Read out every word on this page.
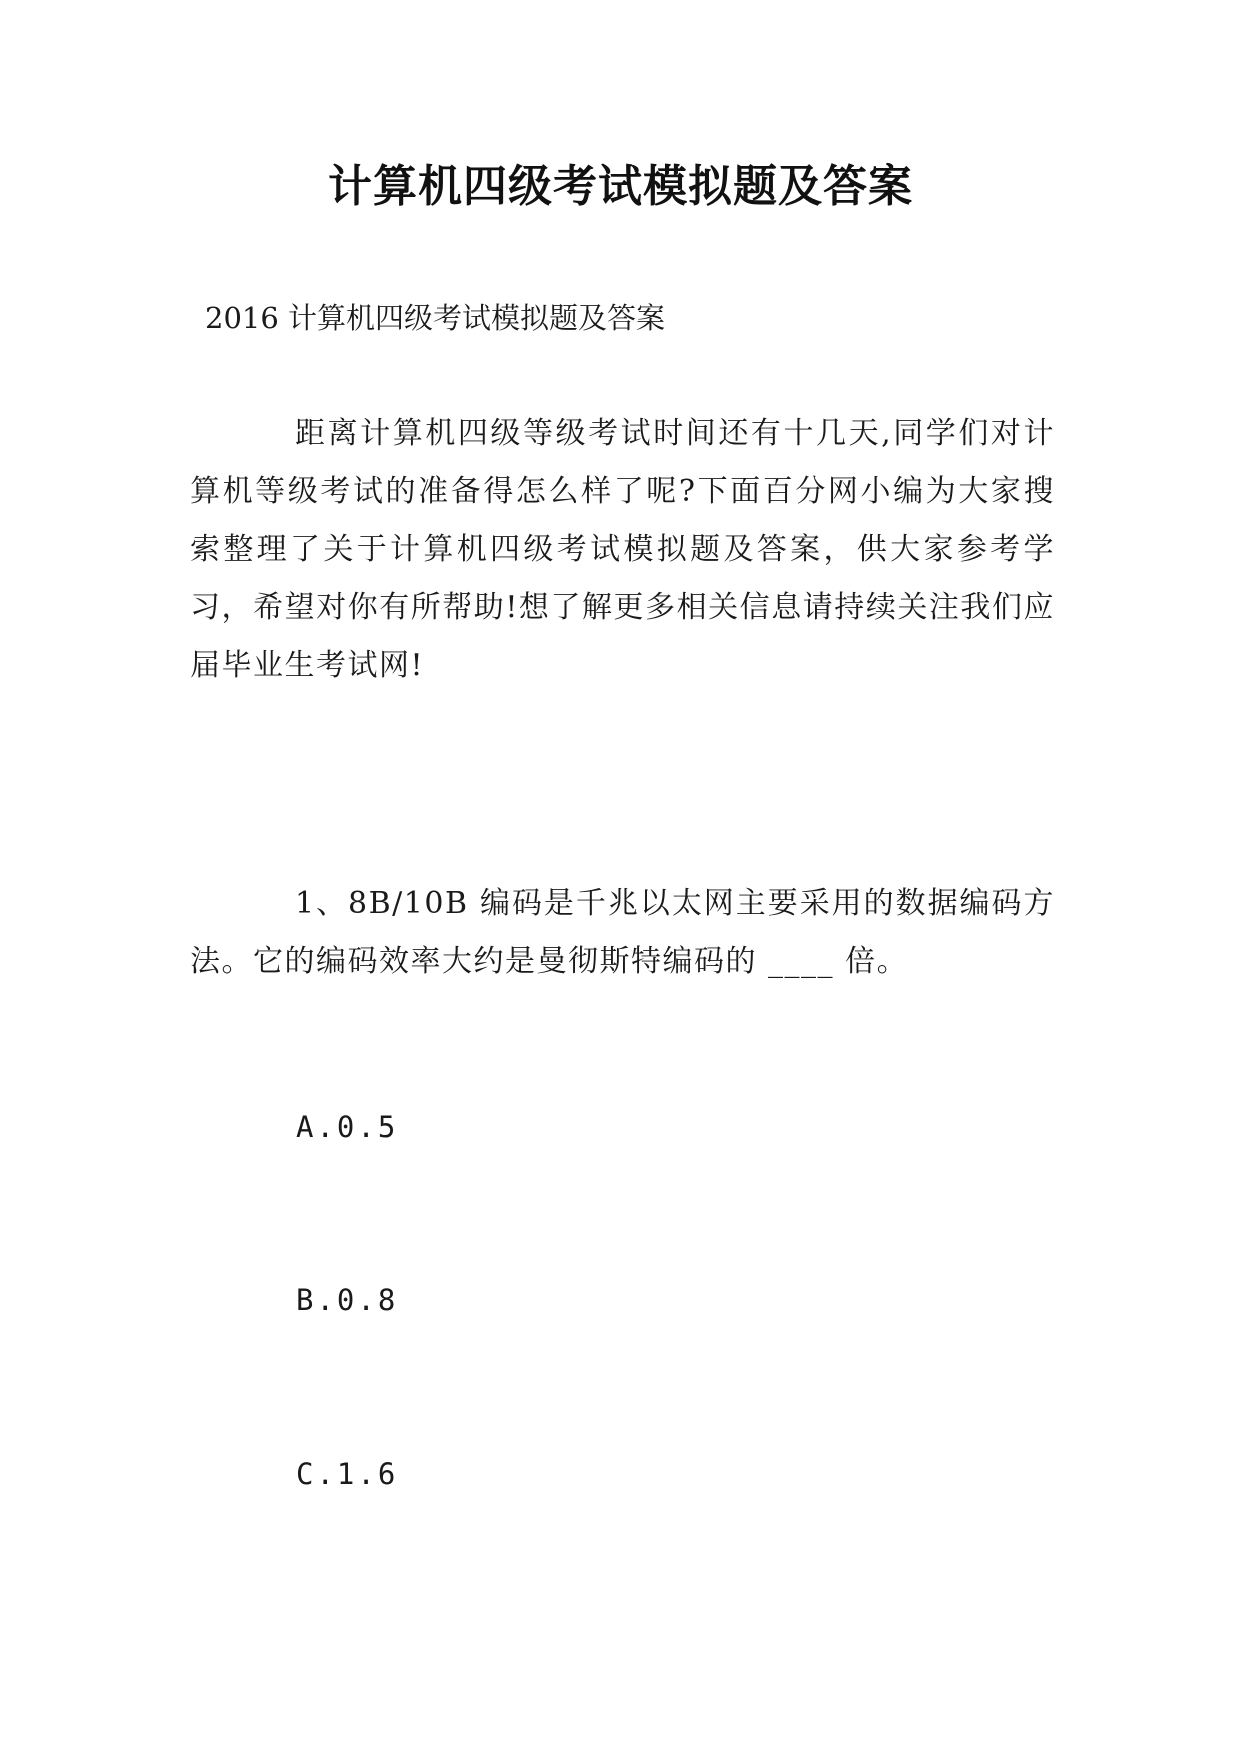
计算机四级考试模拟题及答案
2016 计算机四级考试模拟题及答案
距离计算机四级等级考试时间还有十几天,同学们对计算机等级考试的准备得怎么样了呢?下面百分网小编为大家搜索整理了关于计算机四级考试模拟题及答案，供大家参考学习，希望对你有所帮助!想了解更多相关信息请持续关注我们应届毕业生考试网!
1、8B/10B 编码是千兆以太网主要采用的数据编码方法。它的编码效率大约是曼彻斯特编码的 ____ 倍。
A.0.5
B.0.8
C.1.6
